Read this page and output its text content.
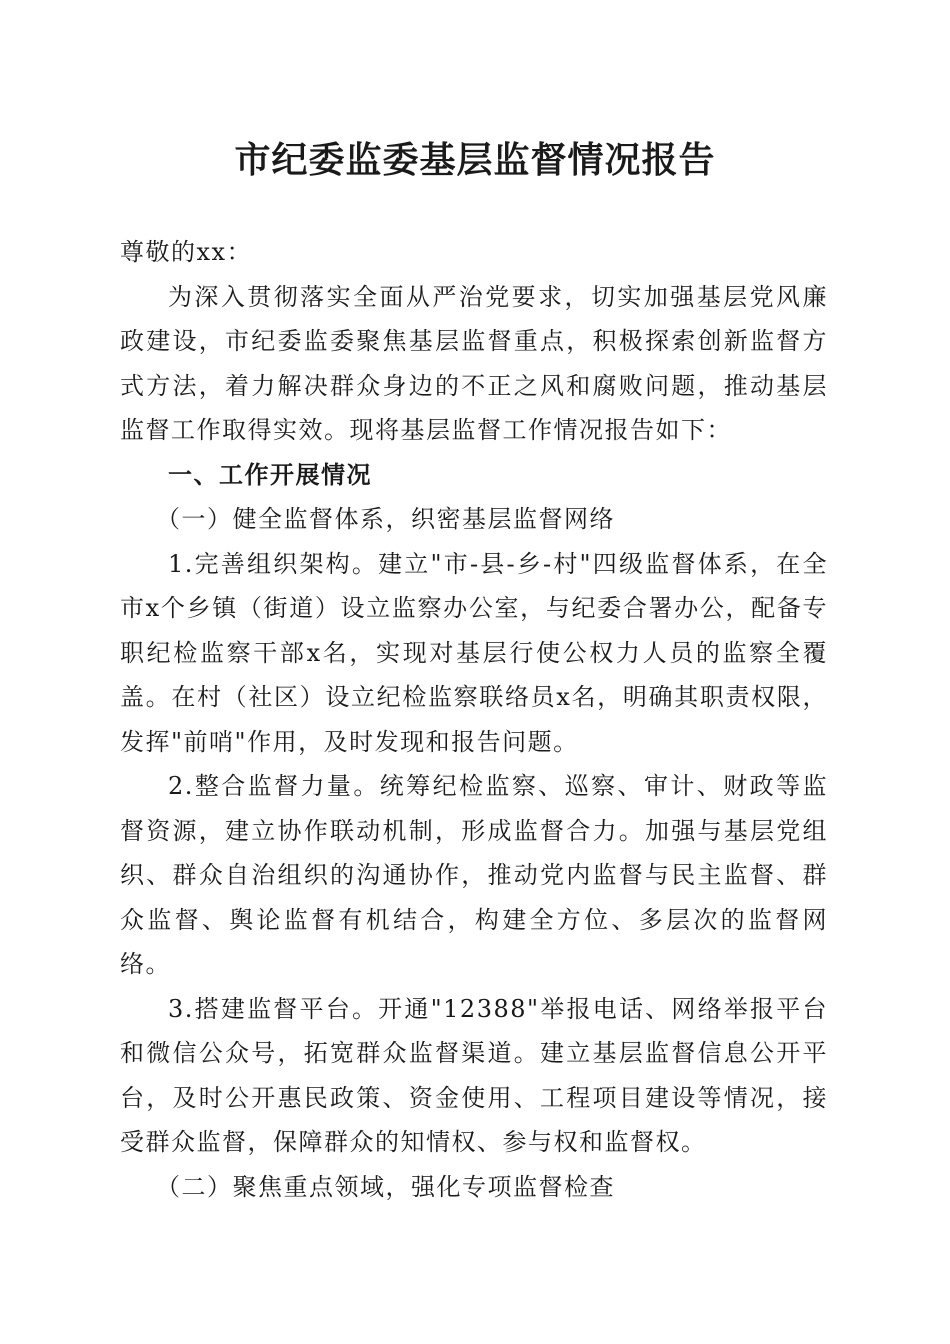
市纪委监委基层监督情况报告

尊敬的xx：

为深入贯彻落实全面从严治党要求，切实加强基层党风廉政建设，市纪委监委聚焦基层监督重点，积极探索创新监督方式方法，着力解决群众身边的不正之风和腐败问题，推动基层监督工作取得实效。现将基层监督工作情况报告如下：

一、工作开展情况

（一）健全监督体系，织密基层监督网络

1.完善组织架构。建立"市-县-乡-村"四级监督体系，在全市x个乡镇（街道）设立监察办公室，与纪委合署办公，配备专职纪检监察干部x名，实现对基层行使公权力人员的监察全覆盖。在村（社区）设立纪检监察联络员x名，明确其职责权限，发挥"前哨"作用，及时发现和报告问题。

2.整合监督力量。统筹纪检监察、巡察、审计、财政等监督资源，建立协作联动机制，形成监督合力。加强与基层党组织、群众自治组织的沟通协作，推动党内监督与民主监督、群众监督、舆论监督有机结合，构建全方位、多层次的监督网络。

3.搭建监督平台。开通"12388"举报电话、网络举报平台和微信公众号，拓宽群众监督渠道。建立基层监督信息公开平台，及时公开惠民政策、资金使用、工程项目建设等情况，接受群众监督，保障群众的知情权、参与权和监督权。

（二）聚焦重点领域，强化专项监督检查
